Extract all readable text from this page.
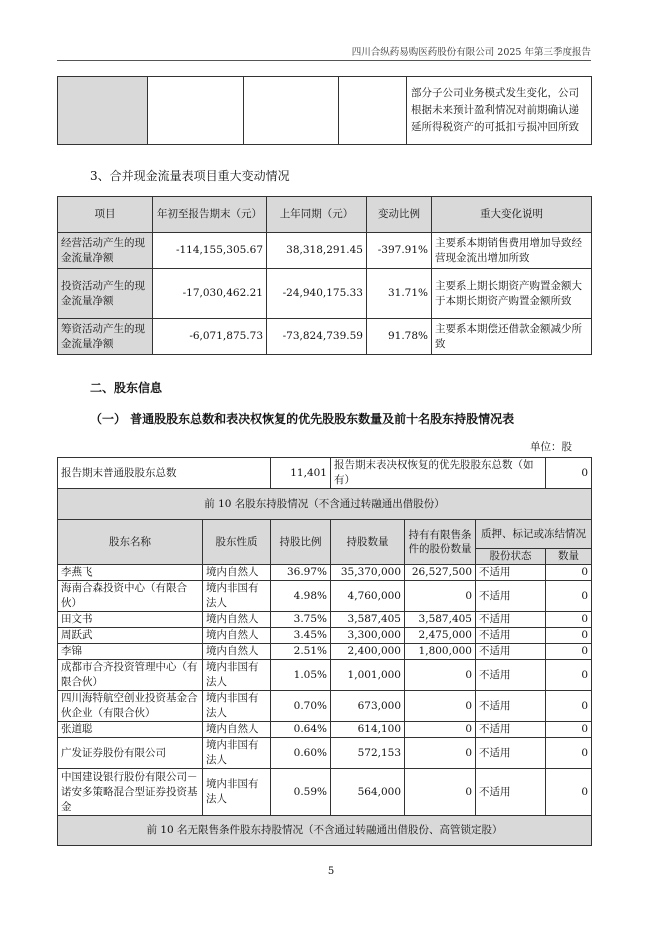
四川合纵药易购医药股份有限公司 2025 年第三季度报告
				部分子公司业务模式发生变化，公司根据未来预计盈利情况对前期确认递延所得税资产的可抵扣亏损冲回所致
3、合并现金流量表项目重大变动情况
项目	年初至报告期末（元）	上年同期（元）	变动比例	重大变化说明
经营活动产生的现金流量净额	-114,155,305.67	38,318,291.45	-397.91%	主要系本期销售费用增加导致经营现金流出增加所致
投资活动产生的现金流量净额	-17,030,462.21	-24,940,175.33	31.71%	主要系上期长期资产购置金额大于本期长期资产购置金额所致
筹资活动产生的现金流量净额	-6,071,875.73	-73,824,739.59	91.78%	主要系本期偿还借款金额减少所致
二、股东信息
（一） 普通股股东总数和表决权恢复的优先股股东数量及前十名股东持股情况表
单位：股
报告期末普通股股东总数		11,401	报告期末表决权恢复的优先股股东总数（如有）			0
前 10 名股东持股情况（不含通过转融通出借股份）						
股东名称	股东性质	持股比例	持股数量	持有有限售条件的股份数量	质押、标记或冻结情况	
					股份状态	数量
李燕飞	境内自然人	36.97%	35,370,000	26,527,500	不适用	0
海南合森投资中心（有限合伙）	境内非国有法人	4.98%	4,760,000	0	不适用	0
田文书	境内自然人	3.75%	3,587,405	3,587,405	不适用	0
周跃武	境内自然人	3.45%	3,300,000	2,475,000	不适用	0
李锦	境内自然人	2.51%	2,400,000	1,800,000	不适用	0
成都市合齐投资管理中心（有限合伙）	境内非国有法人	1.05%	1,001,000	0	不适用	0
四川海特航空创业投资基金合伙企业（有限合伙）	境内非国有法人	0.70%	673,000	0	不适用	0
张道聪	境内自然人	0.64%	614,100	0	不适用	0
广发证券股份有限公司	境内非国有法人	0.60%	572,153	0	不适用	0
中国建设银行股份有限公司－诺安多策略混合型证券投资基金	境内非国有法人	0.59%	564,000	0	不适用	0
前 10 名无限售条件股东持股情况（不含通过转融通出借股份、高管锁定股）						
5
